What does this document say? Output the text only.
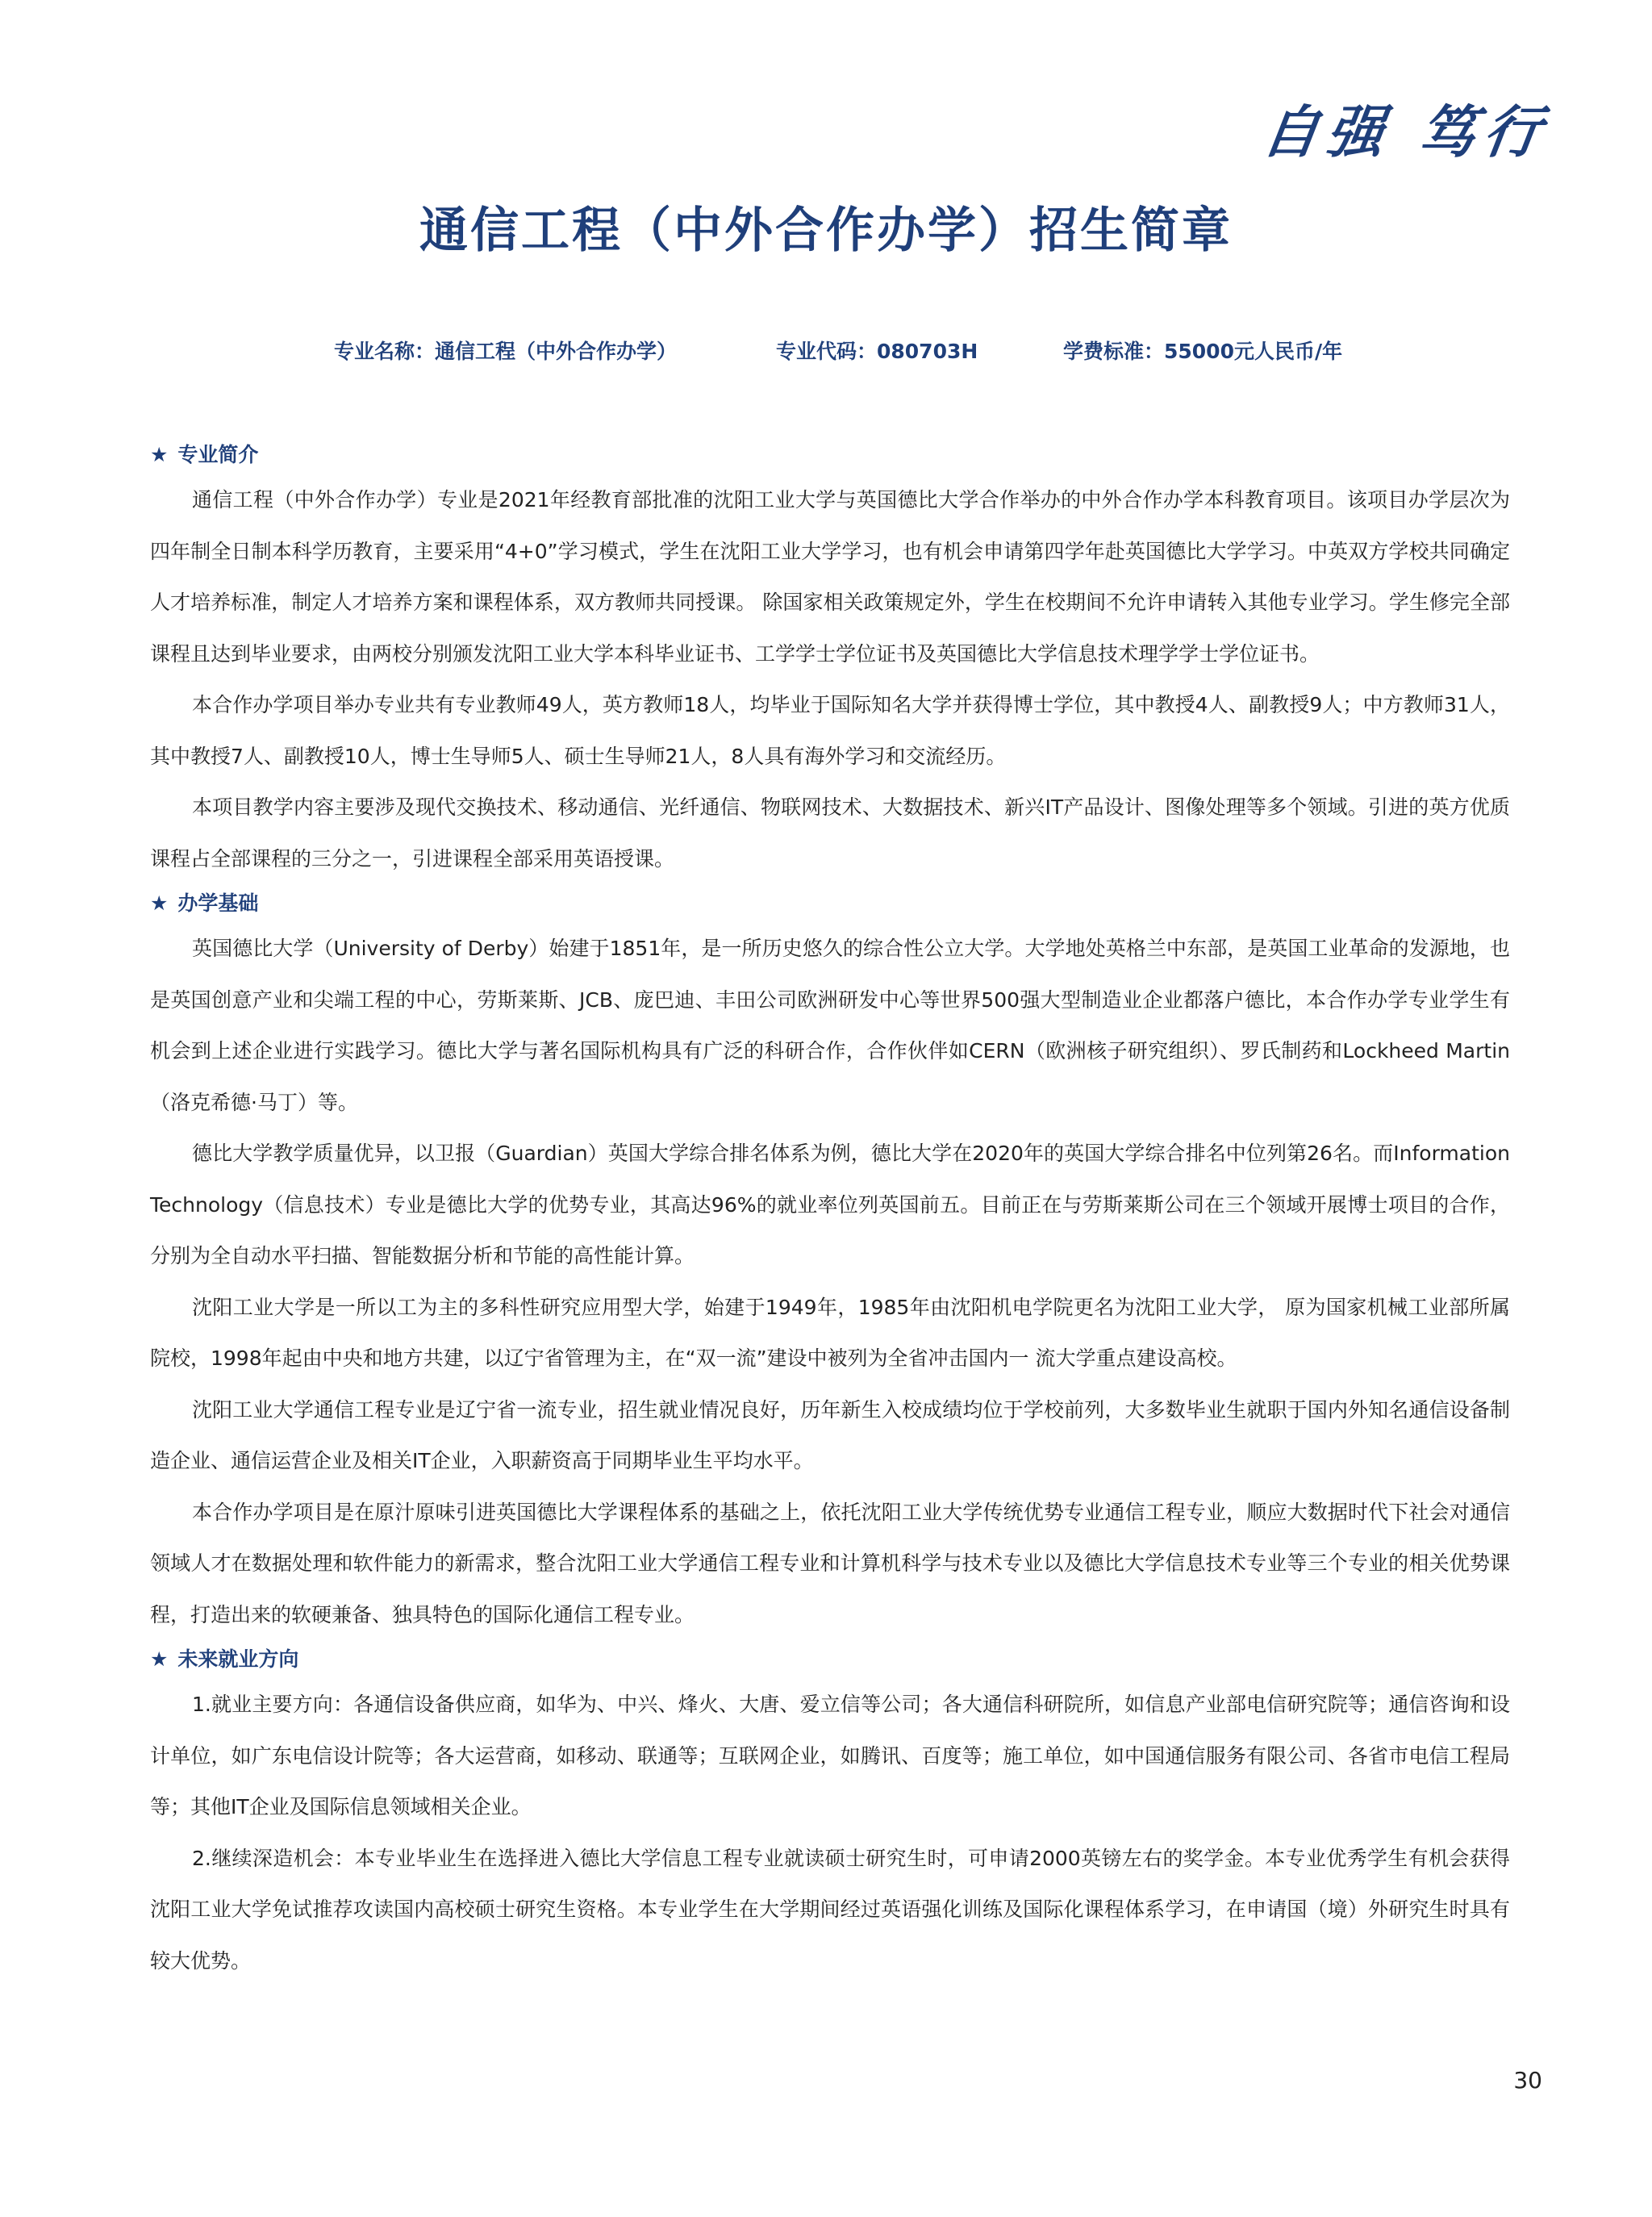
自强 笃行
通信工程（中外合作办学）招生简章
专业名称：通信工程（中外合作办学）	专业代码：080703H	学费标准：55000元人民币/年

★ 专业简介

通信工程（中外合作办学）专业是2021年经教育部批准的沈阳工业大学与英国德比大学合作举办的中外合作办学本科教育项目。该项目办学层次为四年制全日制本科学历教育，主要采用“4+0”学习模式，学生在沈阳工业大学学习，也有机会申请第四学年赴英国德比大学学习。中英双方学校共同确定人才培养标准，制定人才培养方案和课程体系，双方教师共同授课。 除国家相关政策规定外，学生在校期间不允许申请转入其他专业学习。学生修完全部课程且达到毕业要求，由两校分别颁发沈阳工业大学本科毕业证书、工学学士学位证书及英国德比大学信息技术理学学士学位证书。

本合作办学项目举办专业共有专业教师49人，英方教师18人，均毕业于国际知名大学并获得博士学位，其中教授4人、副教授9人；中方教师31人，其中教授7人、副教授10人，博士生导师5人、硕士生导师21人，8人具有海外学习和交流经历。

本项目教学内容主要涉及现代交换技术、移动通信、光纤通信、物联网技术、大数据技术、新兴IT产品设计、图像处理等多个领域。引进的英方优质课程占全部课程的三分之一，引进课程全部采用英语授课。

★ 办学基础

英国德比大学（University of Derby）始建于1851年，是一所历史悠久的综合性公立大学。大学地处英格兰中东部，是英国工业革命的发源地，也是英国创意产业和尖端工程的中心，劳斯莱斯、JCB、庞巴迪、丰田公司欧洲研发中心等世界500强大型制造业企业都落户德比，本合作办学专业学生有机会到上述企业进行实践学习。德比大学与著名国际机构具有广泛的科研合作，合作伙伴如CERN（欧洲核子研究组织）、罗氏制药和Lockheed Martin（洛克希德·马丁）等。

德比大学教学质量优异，以卫报（Guardian）英国大学综合排名体系为例，德比大学在2020年的英国大学综合排名中位列第26名。而Information Technology（信息技术）专业是德比大学的优势专业，其高达96%的就业率位列英国前五。目前正在与劳斯莱斯公司在三个领域开展博士项目的合作，分别为全自动水平扫描、智能数据分析和节能的高性能计算。

沈阳工业大学是一所以工为主的多科性研究应用型大学，始建于1949年，1985年由沈阳机电学院更名为沈阳工业大学， 原为国家机械工业部所属院校，1998年起由中央和地方共建，以辽宁省管理为主，在“双一流”建设中被列为全省冲击国内一 流大学重点建设高校。

沈阳工业大学通信工程专业是辽宁省一流专业，招生就业情况良好，历年新生入校成绩均位于学校前列，大多数毕业生就职于国内外知名通信设备制造企业、通信运营企业及相关IT企业，入职薪资高于同期毕业生平均水平。

本合作办学项目是在原汁原味引进英国德比大学课程体系的基础之上，依托沈阳工业大学传统优势专业通信工程专业，顺应大数据时代下社会对通信领域人才在数据处理和软件能力的新需求，整合沈阳工业大学通信工程专业和计算机科学与技术专业以及德比大学信息技术专业等三个专业的相关优势课程，打造出来的软硬兼备、独具特色的国际化通信工程专业。

★ 未来就业方向

1.就业主要方向：各通信设备供应商，如华为、中兴、烽火、大唐、爱立信等公司；各大通信科研院所，如信息产业部电信研究院等；通信咨询和设计单位，如广东电信设计院等；各大运营商，如移动、联通等；互联网企业，如腾讯、百度等；施工单位，如中国通信服务有限公司、各省市电信工程局等；其他IT企业及国际信息领域相关企业。

2.继续深造机会：本专业毕业生在选择进入德比大学信息工程专业就读硕士研究生时，可申请2000英镑左右的奖学金。本专业优秀学生有机会获得沈阳工业大学免试推荐攻读国内高校硕士研究生资格。本专业学生在大学期间经过英语强化训练及国际化课程体系学习，在申请国（境）外研究生时具有较大优势。

30
